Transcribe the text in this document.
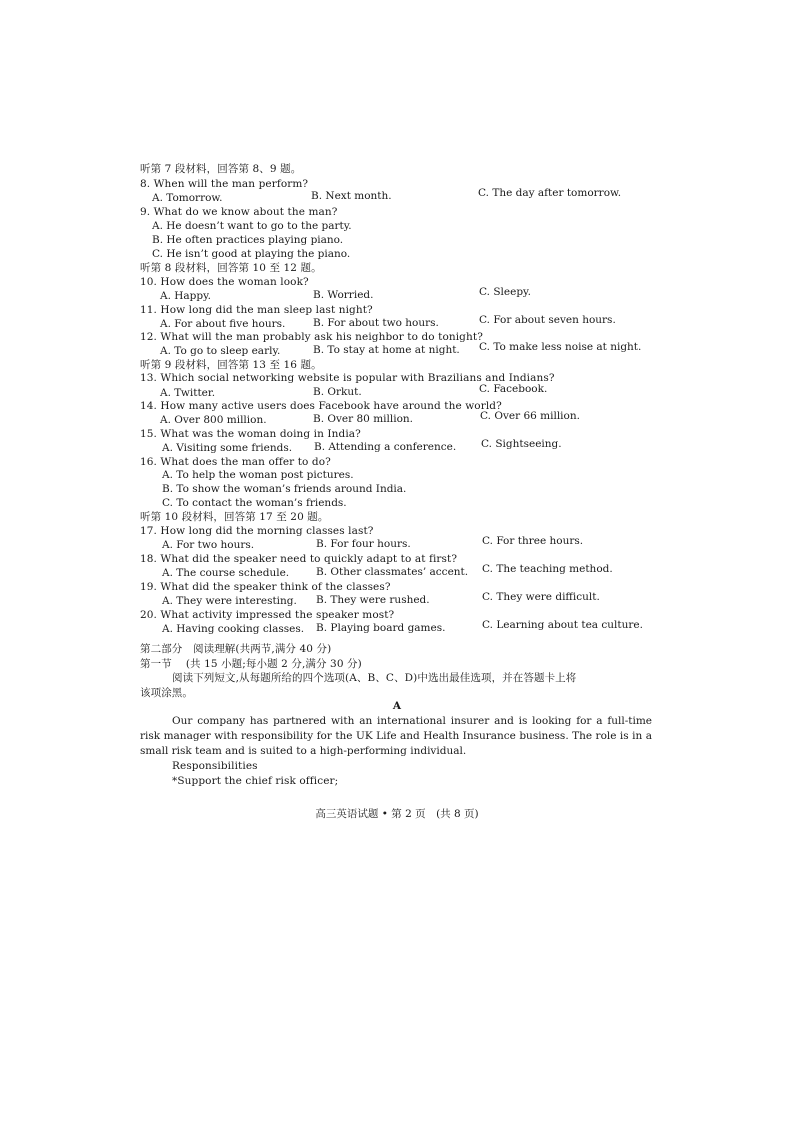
听第 7 段材料，回答第 8、9 题。
8. When will the man perform?
A. Tomorrow.	B. Next month.	C. The day after tomorrow.
9. What do we know about the man?
A. He doesn’t want to go to the party.
B. He often practices playing piano.
C. He isn’t good at playing the piano.
听第 8 段材料，回答第 10 至 12 题。
10. How does the woman look?
A. Happy.	B. Worried.	C. Sleepy.
11. How long did the man sleep last night?
A. For about five hours.	B. For about two hours.	C. For about seven hours.
12. What will the man probably ask his neighbor to do tonight?
A. To go to sleep early.	B. To stay at home at night. C. To make less noise at night.
听第 9 段材料，回答第 13 至 16 题。
13. Which social networking website is popular with Brazilians and Indians?
A. Twitter.	B. Orkut.	C. Facebook.
14. How many active users does Facebook have around the world?
A. Over 800 million.	B. Over 80 million.	C. Over 66 million.
15. What was the woman doing in India?
A. Visiting some friends. B. Attending a conference. C. Sightseeing.
16. What does the man offer to do?
A. To help the woman post pictures.
B. To show the woman’s friends around India.
C. To contact the woman’s friends.
听第 10 段材料，回答第 17 至 20 题。
17. How long did the morning classes last?
A. For two hours.	B. For four hours.	C. For three hours.
18. What did the speaker need to quickly adapt to at first?
A. The course schedule.	B. Other classmates’ accent. C. The teaching method.
19. What did the speaker think of the classes?
A. They were interesting. B. They were rushed.	C. They were difficult.
20. What activity impressed the speaker most?
A. Having cooking classes. B. Playing board games.	C. Learning about tea culture.
第二部分　阅读理解(共两节,满分 40 分)
第一节　 (共 15 小题;每小题 2 分,满分 30 分)
阅读下列短文,从每题所给的四个选项(A、B、C、D)中选出最佳选项，并在答题卡上将
该项涂黑。
A
Our company has partnered with an international insurer and is looking for a full-time risk manager with responsibility for the UK Life and Health Insurance business. The role is in a small risk team and is suited to a high-performing individual.
Responsibilities
*Support the chief risk officer;
高三英语试题 • 第 2 页　(共 8 页)
